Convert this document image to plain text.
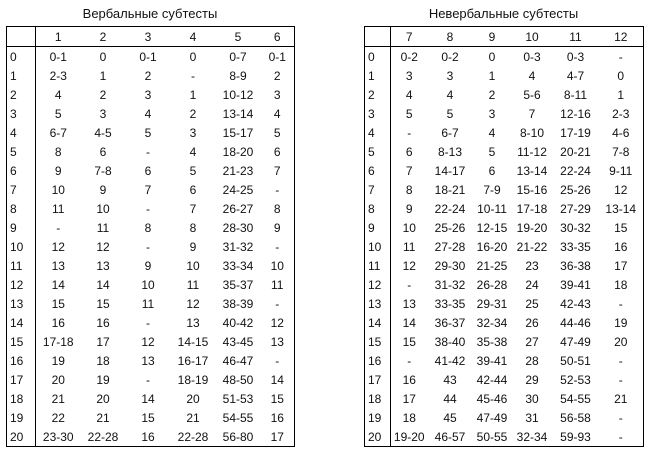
Вербальные субтесты
	1	2	3	4	5	6
0	0-1	0	0-1	0	0-7	0-1
1	2-3	1	2	-	8-9	2
2	4	2	3	1	10-12	3
3	5	3	4	2	13-14	4
4	6-7	4-5	5	3	15-17	5
5	8	6	-	4	18-20	6
6	9	7-8	6	5	21-23	7
7	10	9	7	6	24-25	-
8	11	10	-	7	26-27	8
9	-	11	8	8	28-30	9
10	12	12	-	9	31-32	-
11	13	13	9	10	33-34	10
12	14	14	10	11	35-37	11
13	15	15	11	12	38-39	-
14	16	16	-	13	40-42	12
15	17-18	17	12	14-15	43-45	13
16	19	18	13	16-17	46-47	-
17	20	19	-	18-19	48-50	14
18	21	20	14	20	51-53	15
19	22	21	15	21	54-55	16
20	23-30	22-28	16	22-28	56-80	17
Невербальные субтесты
	7	8	9	10	11	12
0	0-2	0-2	0	0-3	0-3	-
1	3	3	1	4	4-7	0
2	4	4	2	5-6	8-11	1
3	5	5	3	7	12-16	2-3
4	-	6-7	4	8-10	17-19	4-6
5	6	8-13	5	11-12	20-21	7-8
6	7	14-17	6	13-14	22-24	9-11
7	8	18-21	7-9	15-16	25-26	12
8	9	22-24	10-11	17-18	27-29	13-14
9	10	25-26	12-15	19-20	30-32	15
10	11	27-28	16-20	21-22	33-35	16
11	12	29-30	21-25	23	36-38	17
12	-	31-32	26-28	24	39-41	18
13	13	33-35	29-31	25	42-43	-
14	14	36-37	32-34	26	44-46	19
15	15	38-40	35-38	27	47-49	20
16	-	41-42	39-41	28	50-51	-
17	16	43	42-44	29	52-53	-
18	17	44	45-46	30	54-55	21
19	18	45	47-49	31	56-58	-
20	19-20	46-57	50-55	32-34	59-93	-
